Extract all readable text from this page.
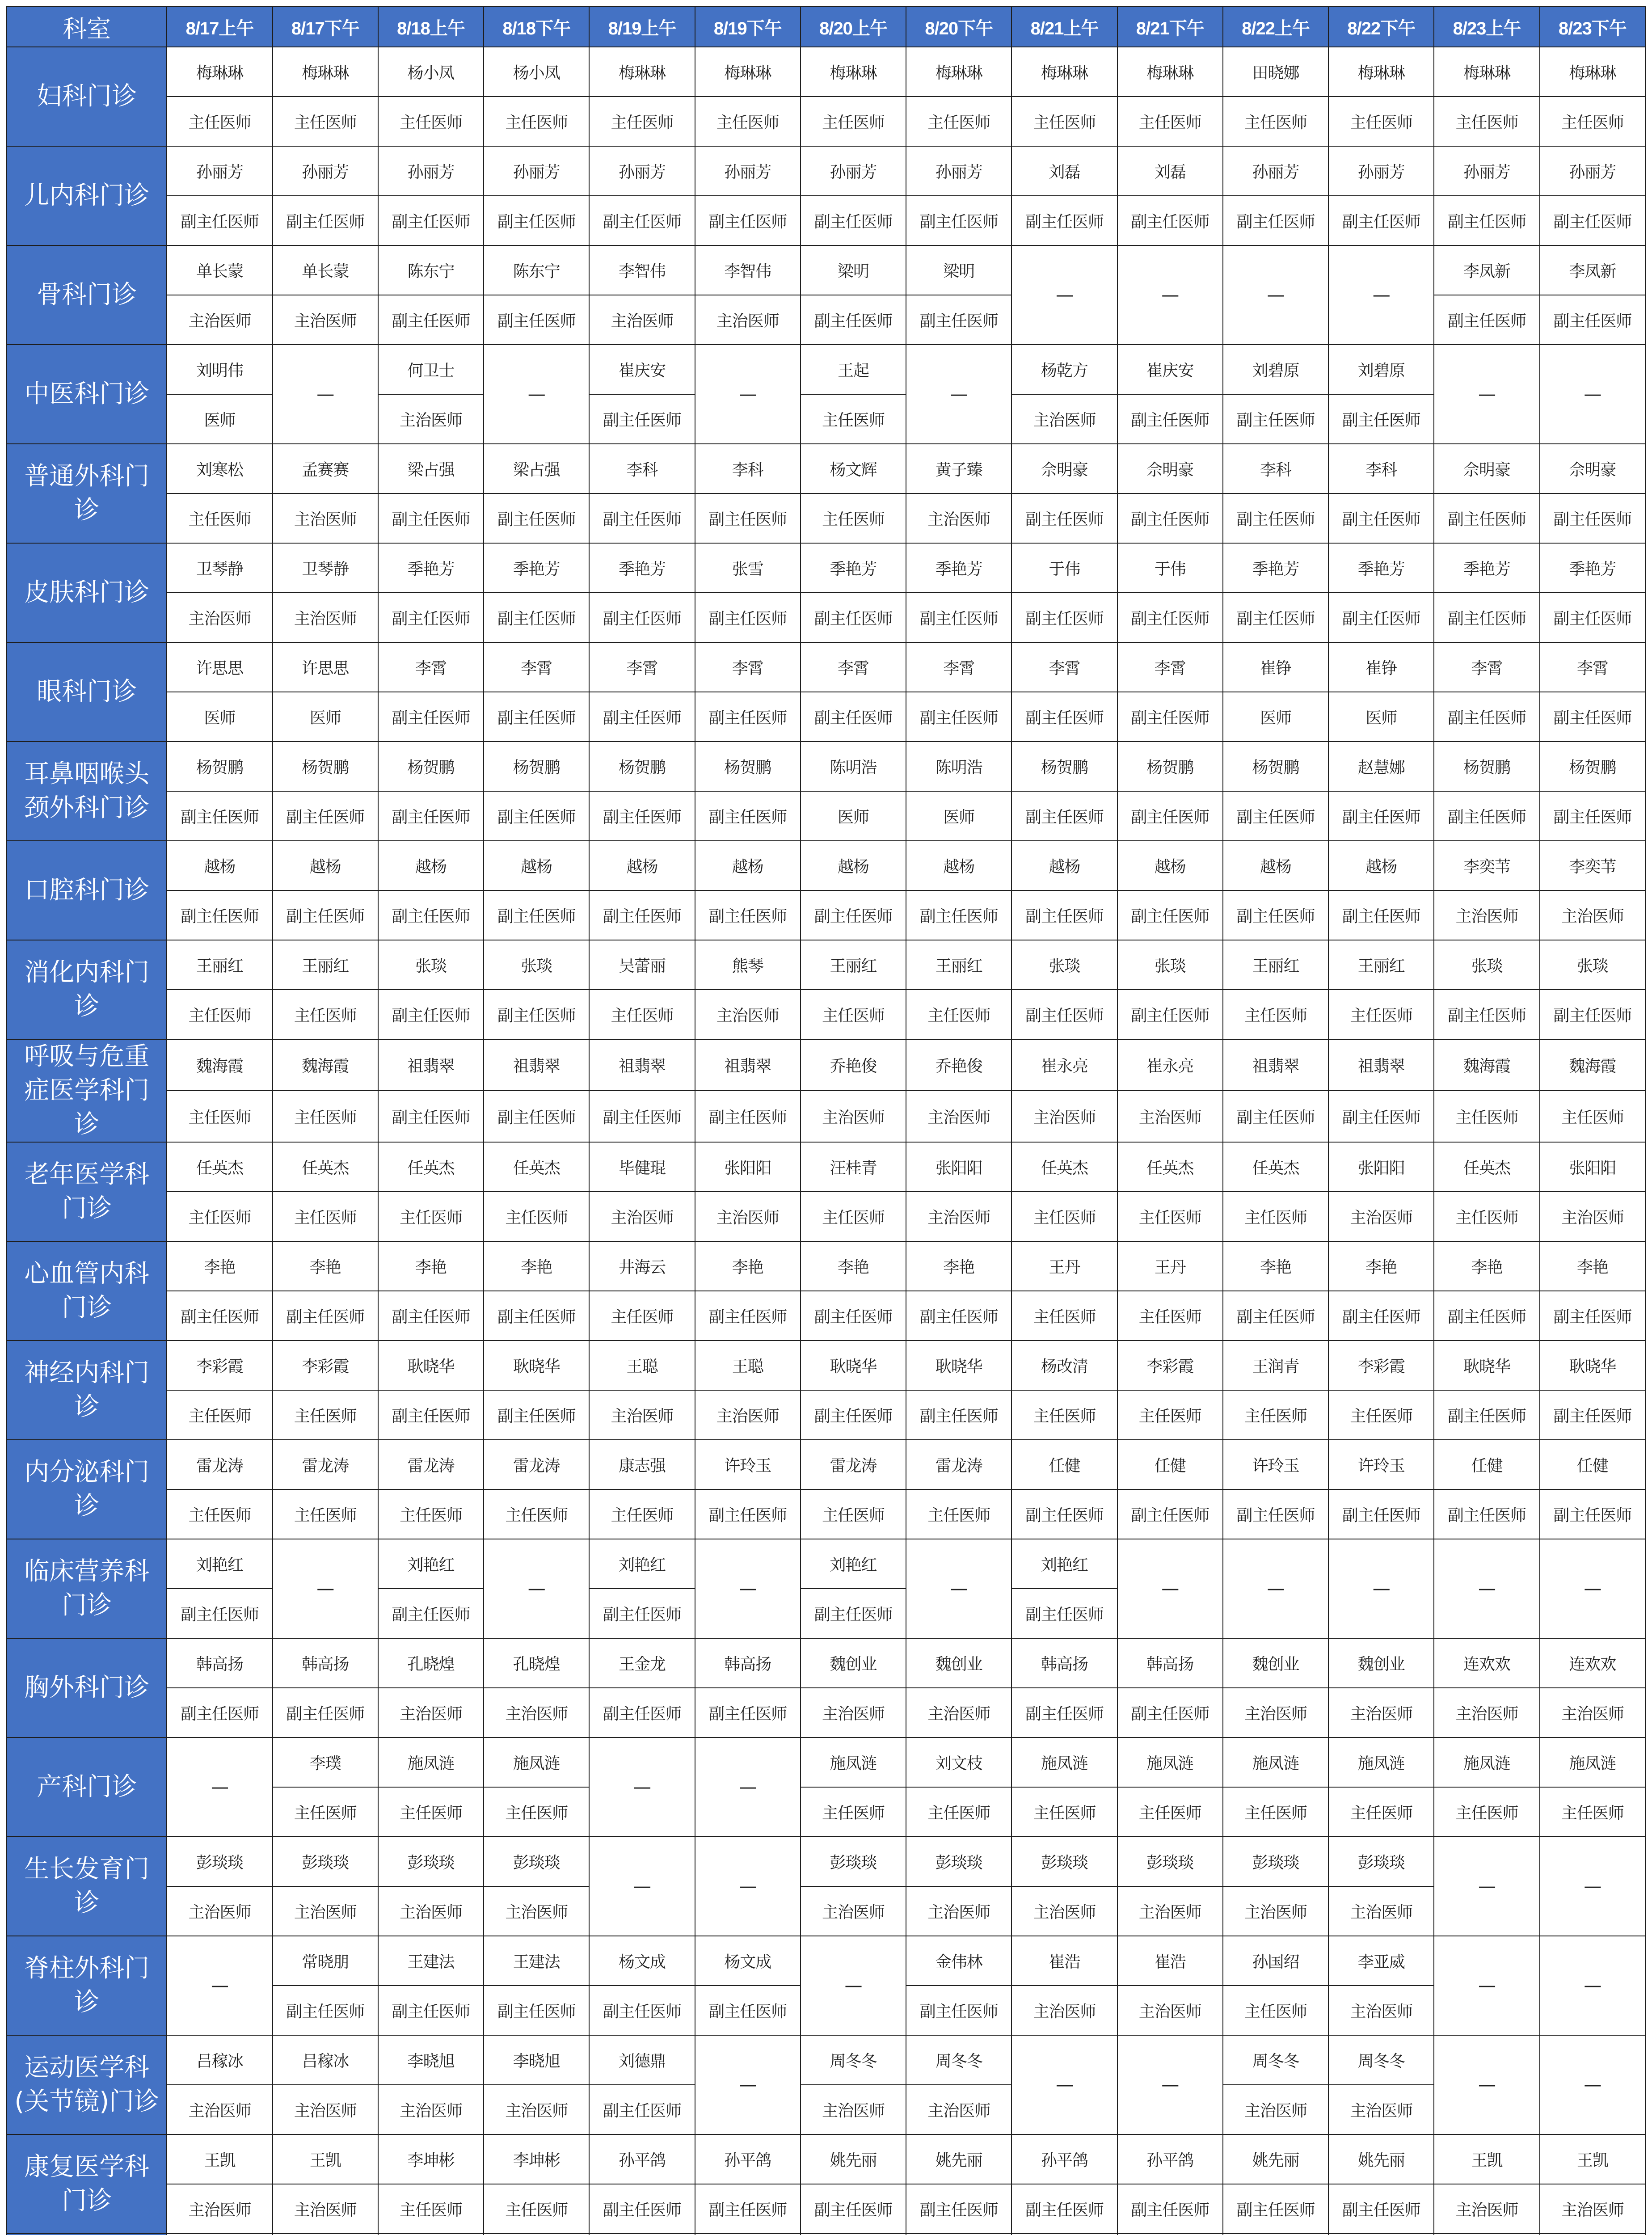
科室	8/17上午	8/17下午	8/18上午	8/18下午	8/19上午	8/19下午	8/20上午	8/20下午	8/21上午	8/21下午	8/22上午	8/22下午	8/23上午	8/23下午
妇科门诊	梅琳琳	梅琳琳	杨小凤	杨小凤	梅琳琳	梅琳琳	梅琳琳	梅琳琳	梅琳琳	梅琳琳	田晓娜	梅琳琳	梅琳琳	梅琳琳
	主任医师	主任医师	主任医师	主任医师	主任医师	主任医师	主任医师	主任医师	主任医师	主任医师	主任医师	主任医师	主任医师	主任医师
儿内科门诊	孙丽芳	孙丽芳	孙丽芳	孙丽芳	孙丽芳	孙丽芳	孙丽芳	孙丽芳	刘磊	刘磊	孙丽芳	孙丽芳	孙丽芳	孙丽芳
	副主任医师	副主任医师	副主任医师	副主任医师	副主任医师	副主任医师	副主任医师	副主任医师	副主任医师	副主任医师	副主任医师	副主任医师	副主任医师	副主任医师
骨科门诊	单长蒙	单长蒙	陈东宁	陈东宁	李智伟	李智伟	梁明	梁明	—	—	—	—	李凤新	李凤新
	主治医师	主治医师	副主任医师	副主任医师	主治医师	主治医师	副主任医师	副主任医师					副主任医师	副主任医师
中医科门诊	刘明伟	—	何卫士	—	崔庆安	—	王起	—	杨乾方	崔庆安	刘碧原	刘碧原	—	—
	医师		主治医师		副主任医师		主任医师		主治医师	副主任医师	副主任医师	副主任医师		
普通外科门诊	刘寒松	孟赛赛	梁占强	梁占强	李科	李科	杨文辉	黄子臻	佘明豪	佘明豪	李科	李科	佘明豪	佘明豪
	主任医师	主治医师	副主任医师	副主任医师	副主任医师	副主任医师	主任医师	主治医师	副主任医师	副主任医师	副主任医师	副主任医师	副主任医师	副主任医师
皮肤科门诊	卫琴静	卫琴静	季艳芳	季艳芳	季艳芳	张雪	季艳芳	季艳芳	于伟	于伟	季艳芳	季艳芳	季艳芳	季艳芳
	主治医师	主治医师	副主任医师	副主任医师	副主任医师	副主任医师	副主任医师	副主任医师	副主任医师	副主任医师	副主任医师	副主任医师	副主任医师	副主任医师
眼科门诊	许思思	许思思	李霄	李霄	李霄	李霄	李霄	李霄	李霄	李霄	崔铮	崔铮	李霄	李霄
	医师	医师	副主任医师	副主任医师	副主任医师	副主任医师	副主任医师	副主任医师	副主任医师	副主任医师	医师	医师	副主任医师	副主任医师
耳鼻咽喉头颈外科门诊	杨贺鹏	杨贺鹏	杨贺鹏	杨贺鹏	杨贺鹏	杨贺鹏	陈明浩	陈明浩	杨贺鹏	杨贺鹏	杨贺鹏	赵慧娜	杨贺鹏	杨贺鹏
	副主任医师	副主任医师	副主任医师	副主任医师	副主任医师	副主任医师	医师	医师	副主任医师	副主任医师	副主任医师	副主任医师	副主任医师	副主任医师
口腔科门诊	越杨	越杨	越杨	越杨	越杨	越杨	越杨	越杨	越杨	越杨	越杨	越杨	李奕苇	李奕苇
	副主任医师	副主任医师	副主任医师	副主任医师	副主任医师	副主任医师	副主任医师	副主任医师	副主任医师	副主任医师	副主任医师	副主任医师	主治医师	主治医师
消化内科门诊	王丽红	王丽红	张琰	张琰	吴蕾丽	熊琴	王丽红	王丽红	张琰	张琰	王丽红	王丽红	张琰	张琰
	主任医师	主任医师	副主任医师	副主任医师	主任医师	主治医师	主任医师	主任医师	副主任医师	副主任医师	主任医师	主任医师	副主任医师	副主任医师
呼吸与危重症医学科门诊	魏海霞	魏海霞	祖翡翠	祖翡翠	祖翡翠	祖翡翠	乔艳俊	乔艳俊	崔永亮	崔永亮	祖翡翠	祖翡翠	魏海霞	魏海霞
	主任医师	主任医师	副主任医师	副主任医师	副主任医师	副主任医师	主治医师	主治医师	主治医师	主治医师	副主任医师	副主任医师	主任医师	主任医师
老年医学科门诊	任英杰	任英杰	任英杰	任英杰	毕健琨	张阳阳	汪桂青	张阳阳	任英杰	任英杰	任英杰	张阳阳	任英杰	张阳阳
	主任医师	主任医师	主任医师	主任医师	主治医师	主治医师	主任医师	主治医师	主任医师	主任医师	主任医师	主治医师	主任医师	主治医师
心血管内科门诊	李艳	李艳	李艳	李艳	井海云	李艳	李艳	李艳	王丹	王丹	李艳	李艳	李艳	李艳
	副主任医师	副主任医师	副主任医师	副主任医师	主任医师	副主任医师	副主任医师	副主任医师	主任医师	主任医师	副主任医师	副主任医师	副主任医师	副主任医师
神经内科门诊	李彩霞	李彩霞	耿晓华	耿晓华	王聪	王聪	耿晓华	耿晓华	杨改清	李彩霞	王润青	李彩霞	耿晓华	耿晓华
	主任医师	主任医师	副主任医师	副主任医师	主治医师	主治医师	副主任医师	副主任医师	主任医师	主任医师	主任医师	主任医师	副主任医师	副主任医师
内分泌科门诊	雷龙涛	雷龙涛	雷龙涛	雷龙涛	康志强	许玲玉	雷龙涛	雷龙涛	任健	任健	许玲玉	许玲玉	任健	任健
	主任医师	主任医师	主任医师	主任医师	主任医师	副主任医师	主任医师	主任医师	副主任医师	副主任医师	副主任医师	副主任医师	副主任医师	副主任医师
临床营养科门诊	刘艳红	—	刘艳红	—	刘艳红	—	刘艳红	—	刘艳红	—	—	—	—	—
	副主任医师		副主任医师		副主任医师		副主任医师		副主任医师					
胸外科门诊	韩高扬	韩高扬	孔晓煌	孔晓煌	王金龙	韩高扬	魏创业	魏创业	韩高扬	韩高扬	魏创业	魏创业	连欢欢	连欢欢
	副主任医师	副主任医师	主治医师	主治医师	副主任医师	副主任医师	主治医师	主治医师	副主任医师	副主任医师	主治医师	主治医师	主治医师	主治医师
产科门诊	—	李璞	施凤涟	施凤涟	—	—	施凤涟	刘文枝	施凤涟	施凤涟	施凤涟	施凤涟	施凤涟	施凤涟
		主任医师	主任医师	主任医师			主任医师	主任医师	主任医师	主任医师	主任医师	主任医师	主任医师	主任医师
生长发育门诊	彭琰琰	彭琰琰	彭琰琰	彭琰琰	—	—	彭琰琰	彭琰琰	彭琰琰	彭琰琰	彭琰琰	彭琰琰	—	—
	主治医师	主治医师	主治医师	主治医师			主治医师	主治医师	主治医师	主治医师	主治医师	主治医师		
脊柱外科门诊	—	常晓朋	王建法	王建法	杨文成	杨文成	—	金伟林	崔浩	崔浩	孙国绍	李亚威	—	—
		副主任医师	副主任医师	副主任医师	副主任医师	副主任医师		副主任医师	主治医师	主治医师	主任医师	主治医师		
运动医学科(关节镜)门诊	吕稼冰	吕稼冰	李晓旭	李晓旭	刘德鼎	—	周冬冬	周冬冬	—	—	周冬冬	周冬冬	—	—
	主治医师	主治医师	主治医师	主治医师	副主任医师		主治医师	主治医师			主治医师	主治医师		
康复医学科门诊	王凯	王凯	李坤彬	李坤彬	孙平鸽	孙平鸽	姚先丽	姚先丽	孙平鸽	孙平鸽	姚先丽	姚先丽	王凯	王凯
	主治医师	主治医师	主任医师	主任医师	副主任医师	副主任医师	副主任医师	副主任医师	副主任医师	副主任医师	副主任医师	副主任医师	主治医师	主治医师
